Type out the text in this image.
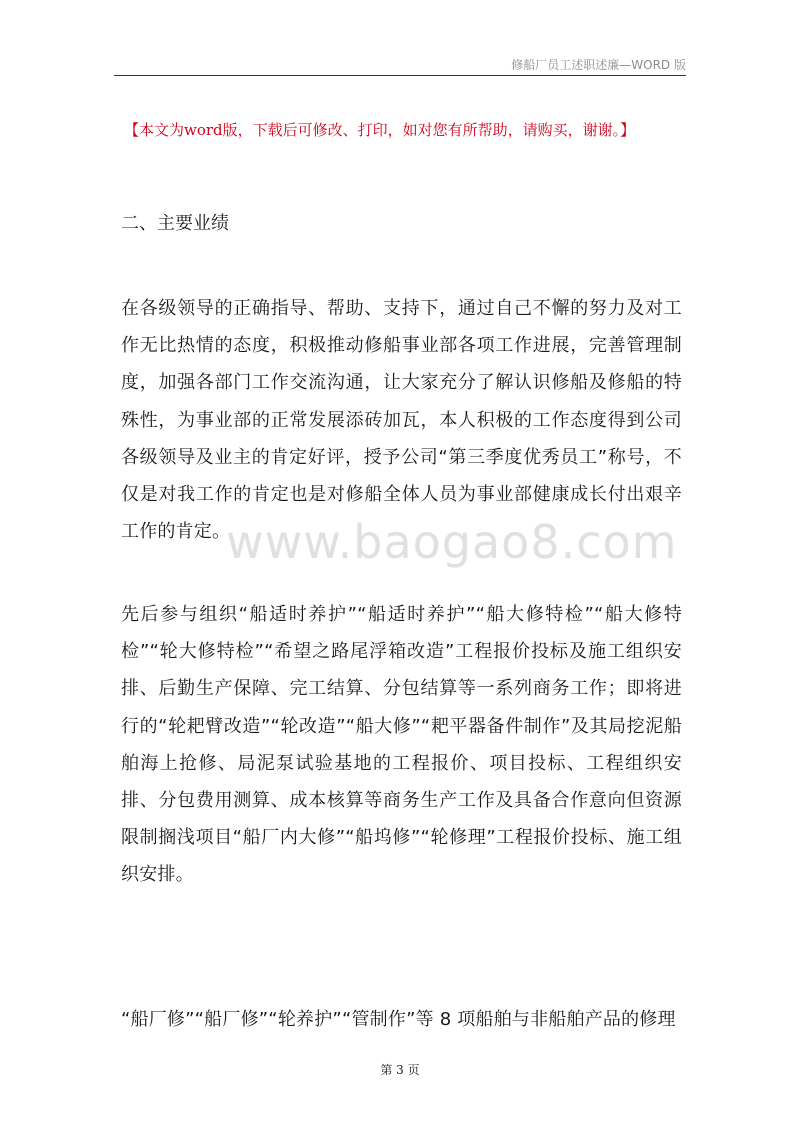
修船厂员工述职述廉—WORD 版
【本文为word版，下载后可修改、打印，如对您有所帮助，请购买，谢谢。】
二、主要业绩

在各级领导的正确指导、帮助、支持下，通过自己不懈的努力及对工作无比热情的态度，积极推动修船事业部各项工作进展，完善管理制度，加强各部门工作交流沟通，让大家充分了解认识修船及修船的特殊性，为事业部的正常发展添砖加瓦，本人积极的工作态度得到公司各级领导及业主的肯定好评，授予公司“第三季度优秀员工”称号，不仅是对我工作的肯定也是对修船全体人员为事业部健康成长付出艰辛工作的肯定。

www.baogao8.com

先后参与组织“船适时养护”“船适时养护”“船大修特检”“船大修特检”“轮大修特检”“希望之路尾浮箱改造”工程报价投标及施工组织安排、后勤生产保障、完工结算、分包结算等一系列商务工作；即将进行的“轮耙臂改造”“轮改造”“船大修”“耙平器备件制作”及其局挖泥船舶海上抢修、局泥泵试验基地的工程报价、项目投标、工程组织安排、分包费用测算、成本核算等商务生产工作及具备合作意向但资源限制搁浅项目“船厂内大修”“船坞修”“轮修理”工程报价投标、施工组织安排。

“船厂修”“船厂修”“轮养护”“管制作”等 8 项船舶与非船舶产品的修理

第 3 页
